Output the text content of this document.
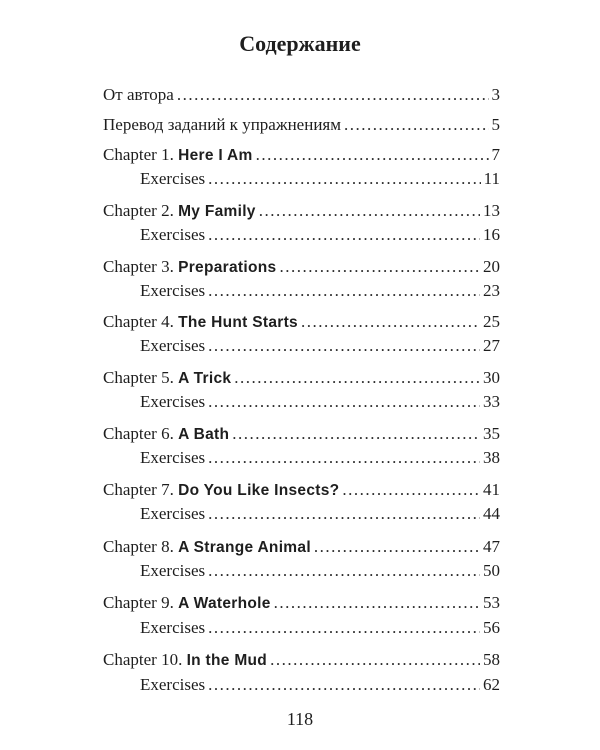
Содержание
От автора .....	3
Перевод заданий к упражнениям .....	5
Chapter 1. Here I Am .....	7
Exercises .....	11
Chapter 2. My Family .....	13
Exercises .....	16
Chapter 3. Preparations .....	20
Exercises .....	23
Chapter 4. The Hunt Starts .....	25
Exercises .....	27
Chapter 5. A Trick .....	30
Exercises .....	33
Chapter 6. A Bath .....	35
Exercises .....	38
Chapter 7. Do You Like Insects? .....	41
Exercises .....	44
Chapter 8. A Strange Animal .....	47
Exercises .....	50
Chapter 9. A Waterhole .....	53
Exercises .....	56
Chapter 10. In the Mud .....	58
Exercises .....	62
118
